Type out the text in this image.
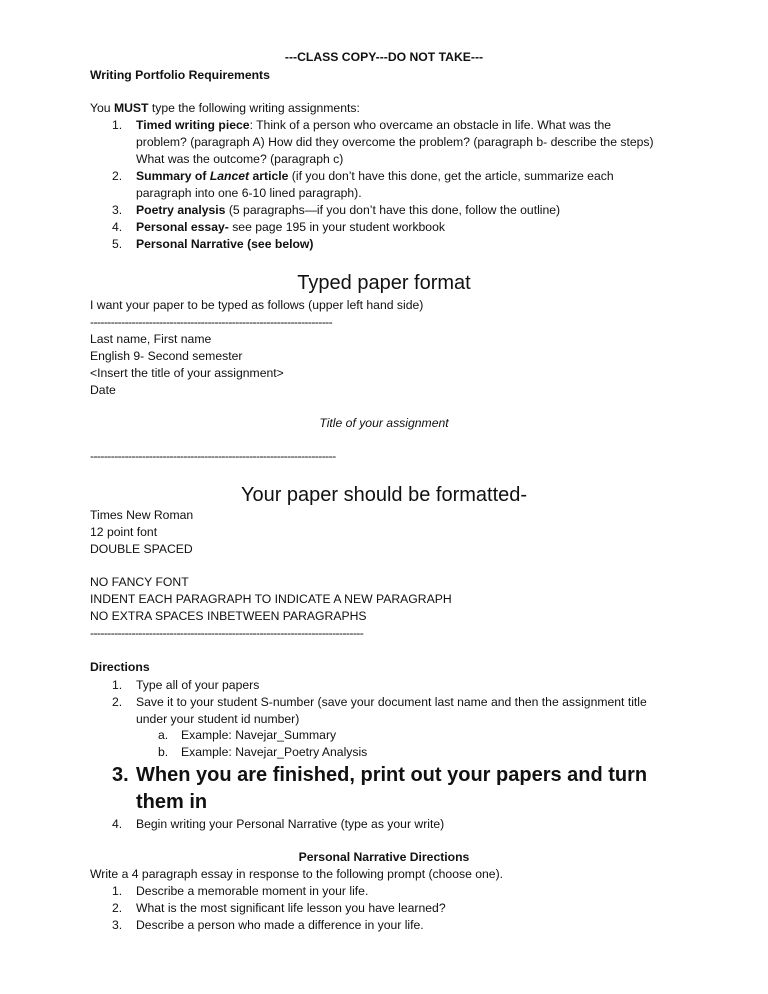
---CLASS COPY---DO NOT TAKE---
Writing Portfolio Requirements
You MUST type the following writing assignments:
1. Timed writing piece: Think of a person who overcame an obstacle in life. What was the
problem? (paragraph A) How did they overcome the problem? (paragraph b- describe the steps)
What was the outcome? (paragraph c)
2. Summary of Lancet article (if you don’t have this done, get the article, summarize each
paragraph into one 6-10 lined paragraph).
3. Poetry analysis (5 paragraphs—if you don’t have this done, follow the outline)
4. Personal essay- see page 195 in your student workbook
5. Personal Narrative (see below)
Typed paper format
I want your paper to be typed as follows (upper left hand side)
----------------------------------------------------------------------
Last name, First name
English 9- Second semester
<Insert the title of your assignment>
Date
Title of your assignment
-----------------------------------------------------------------------
Your paper should be formatted-
Times New Roman
12 point font
DOUBLE SPACED
NO FANCY FONT
INDENT EACH PARAGRAPH TO INDICATE A NEW PARAGRAPH
NO EXTRA SPACES INBETWEEN PARAGRAPHS
-------------------------------------------------------------------------------
Directions
1. Type all of your papers
2. Save it to your student S-number (save your document last name and then the assignment title
under your student id number)
a. Example: Navejar_Summary
b. Example: Navejar_Poetry Analysis
3. When you are finished, print out your papers and turn
them in
4. Begin writing your Personal Narrative (type as your write)
Personal Narrative Directions
Write a 4 paragraph essay in response to the following prompt (choose one).
1. Describe a memorable moment in your life.
2. What is the most significant life lesson you have learned?
3. Describe a person who made a difference in your life.
